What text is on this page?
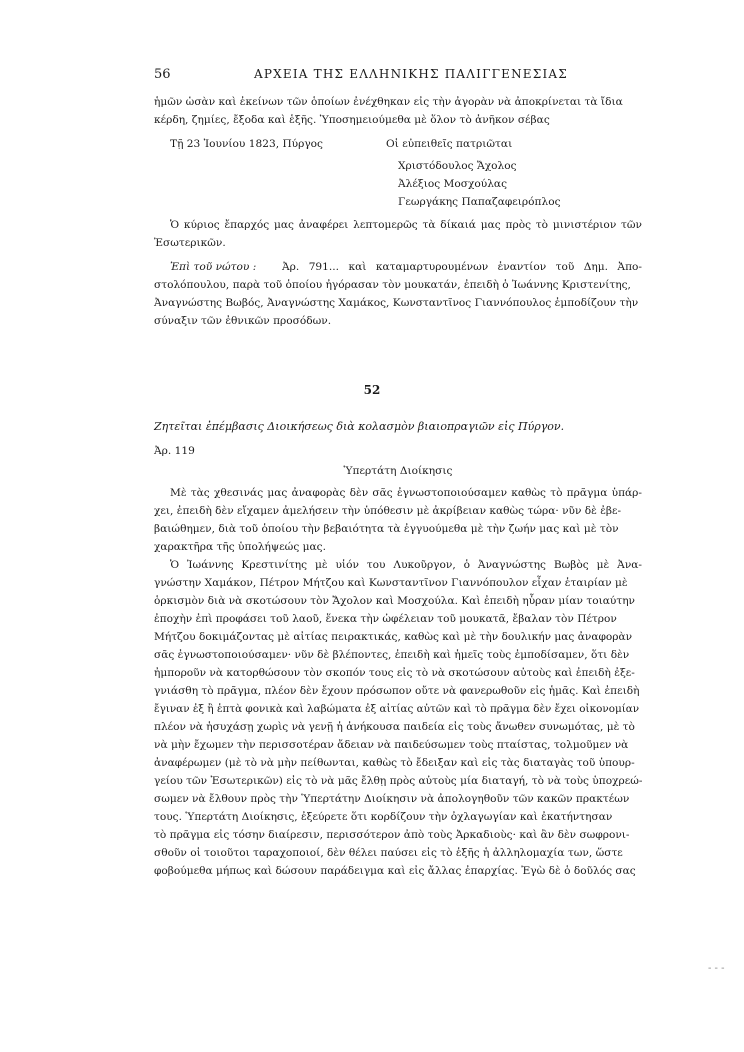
56	ΑΡΧΕΙΑ ΤΗΣ ΕΛΛΗΝΙΚΗΣ ΠΑΛΙΓΓΕΝΕΣΙΑΣ
ἡμῶν ὡσὰν καὶ ἐκείνων τῶν ὁποίων ἐνέχθηκαν εἰς τὴν ἀγορὰν νὰ ἀποκρίνεται τὰ ἴδια
κέρδη, ζημίες, ἔξοδα καὶ ἑξῆς. Ὑποσημειούμεθα μὲ ὅλον τὸ ἀνῆκον σέβας
Τῇ 23 Ἰουνίου 1823, Πύργος	Οἱ εὐπειθεῖς πατριῶται
Χριστόδουλος Ἄχολος
Ἀλέξιος Μοσχούλας
Γεωργάκης Παπαζαφειρόπλος
Ὁ κύριος ἔπαρχός μας ἀναφέρει λεπτομερῶς τὰ δίκαιά μας πρὸς τὸ μινιστέριον τῶν
Ἐσωτερικῶν.
Ἐπὶ τοῦ νώτου : Ἀρ. 791... καὶ καταμαρτυρουμένων ἐναντίον τοῦ Δημ. Ἀπο-
στολόπουλου, παρὰ τοῦ ὁποίου ἠγόρασαν τὸν μουκατάν, ἐπειδὴ ὁ Ἰωάννης Κριστενίτης,
Ἀναγνώστης Βωβός, Ἀναγνώστης Χαμάκος, Κωνσταντῖνος Γιαννόπουλος ἐμποδίζουν τὴν
σύναξιν τῶν ἐθνικῶν προσόδων.
52
Ζητεῖται ἐπέμβασις Διοικήσεως διὰ κολασμὸν βιαιοπραγιῶν εἰς Πύργον.
Ἀρ. 119
Ὑπερτάτη Διοίκησις
Μὲ τὰς χθεσινάς μας ἀναφορὰς δὲν σᾶς ἐγνωστοποιούσαμεν καθὼς τὸ πρᾶγμα ὑπάρ-
χει, ἐπειδὴ δὲν εἴχαμεν ἀμελήσειν τὴν ὑπόθεσιν μὲ ἀκρίβειαν καθὼς τώρα· νῦν δὲ ἐβε-
βαιώθημεν, διὰ τοῦ ὁποίου τὴν βεβαιότητα τὰ ἐγγυούμεθα μὲ τὴν ζωήν μας καὶ μὲ τὸν
χαρακτῆρα τῆς ὑπολήψεώς μας.
Ὁ Ἰωάννης Κρεστινίτης μὲ υἱόν του Λυκοῦργον, ὁ Ἀναγνώστης Βωβὸς μὲ Ἀνα-
γνώστην Χαμάκον, Πέτρον Μήτζου καὶ Κωνσταντῖνον Γιαννόπουλον εἶχαν ἑταιρίαν μὲ
ὁρκισμὸν διὰ νὰ σκοτώσουν τὸν Ἄχολον καὶ Μοσχούλα. Καὶ ἐπειδὴ ηὗραν μίαν τοιαύτην
ἐποχὴν ἐπὶ προφάσει τοῦ λαοῦ, ἕνεκα τὴν ὠφέλειαν τοῦ μουκατᾶ, ἔβαλαν τὸν Πέτρον
Μήτζου δοκιμάζοντας μὲ αἰτίας πειρακτικάς, καθὼς καὶ μὲ τὴν δουλικήν μας ἀναφορὰν
σᾶς ἐγνωστοποιούσαμεν· νῦν δὲ βλέποντες, ἐπειδὴ καὶ ἡμεῖς τοὺς ἐμποδίσαμεν, ὅτι δὲν
ἠμποροῦν νὰ κατορθώσουν τὸν σκοπόν τους εἰς τὸ νὰ σκοτώσουν αὐτοὺς καὶ ἐπειδὴ ἐξε-
γνιάσθη τὸ πρᾶγμα, πλέον δὲν ἔχουν πρόσωπον οὔτε νὰ φανερωθοῦν εἰς ἡμᾶς. Καὶ ἐπειδὴ
ἔγιναν ἐξ ἢ ἑπτὰ φονικὰ καὶ λαβώματα ἐξ αἰτίας αὐτῶν καὶ τὸ πρᾶγμα δὲν ἔχει οἰκονομίαν
πλέον νὰ ἡσυχάσῃ χωρὶς νὰ γενῇ ἡ ἀνήκουσα παιδεία εἰς τοὺς ἄνωθεν συνωμότας, μὲ τὸ
νὰ μὴν ἔχωμεν τὴν περισσοτέραν ἄδειαν νὰ παιδεύσωμεν τοὺς πταίστας, τολμοῦμεν νὰ
ἀναφέρωμεν (μὲ τὸ νὰ μὴν πείθωνται, καθὼς τὸ ἔδειξαν καὶ εἰς τὰς διαταγὰς τοῦ ὑπουρ-
γείου τῶν Ἐσωτερικῶν) εἰς τὸ νὰ μᾶς ἔλθῃ πρὸς αὐτοὺς μία διαταγή, τὸ νὰ τοὺς ὑποχρεώ-
σωμεν νὰ ἔλθουν πρὸς τὴν Ὑπερτάτην Διοίκησιν νὰ ἀπολογηθοῦν τῶν κακῶν πρακτέων
τους. Ὑπερτάτη Διοίκησις, ἐξεύρετε ὅτι κορδίζουν τὴν ὀχλαγωγίαν καὶ ἐκατήντησαν
τὸ πρᾶγμα εἰς τόσην διαίρεσιν, περισσότερον ἀπὸ τοὺς Ἀρκαδιοὺς· καὶ ἂν δὲν σωφρονι-
σθοῦν οἱ τοιοῦτοι ταραχοποιοί, δὲν θέλει παύσει εἰς τὸ ἑξῆς ἡ ἀλληλομαχία των, ὥστε
φοβούμεθα μήπως καὶ δώσουν παράδειγμα καὶ εἰς ἄλλας ἐπαρχίας. Ἐγὼ δὲ ὁ δοῦλός σας
- - -
